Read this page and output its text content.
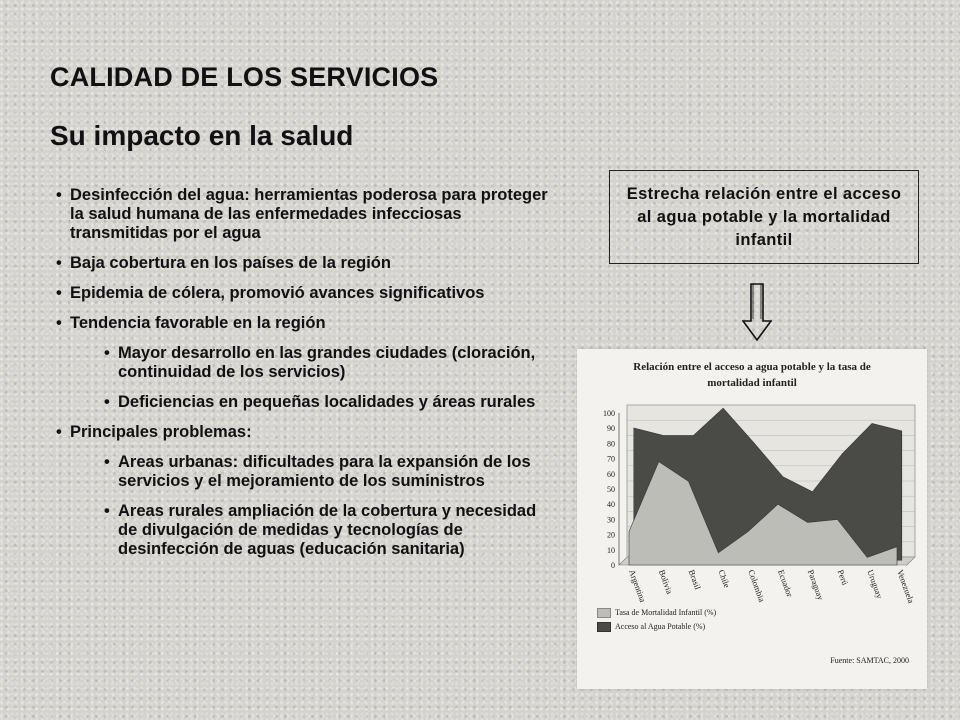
CALIDAD DE LOS SERVICIOS
Su impacto en la salud
• Desinfección del agua: herramientas poderosa para proteger la salud humana de las enfermedades infecciosas transmitidas por el agua
• Baja cobertura en los países de la región
• Epidemia de cólera, promovió avances significativos
• Tendencia favorable en la región
• Mayor desarrollo en las grandes ciudades (cloración, continuidad de los servicios)
• Deficiencias en pequeñas localidades y áreas rurales
• Principales problemas:
• Areas urbanas: dificultades para la expansión de los servicios y el mejoramiento de los suministros
• Areas rurales ampliación de la cobertura y necesidad de divulgación de medidas y tecnologías de desinfección de aguas (educación sanitaria)
Estrecha relación entre el acceso al agua potable y la mortalidad infantil
Relación entre el acceso a agua potable y la tasa de mortalidad infantil
0
10
20
30
40
50
60
70
80
90
100
Argentina Bolivia Brasil Chile Colombia Ecuador Paraguay Perú Uruguay Venezuela
Tasa de Mortalidad Infantil (%)
Acceso al Agua Potable (%)
Fuente: SAMTAC, 2000
